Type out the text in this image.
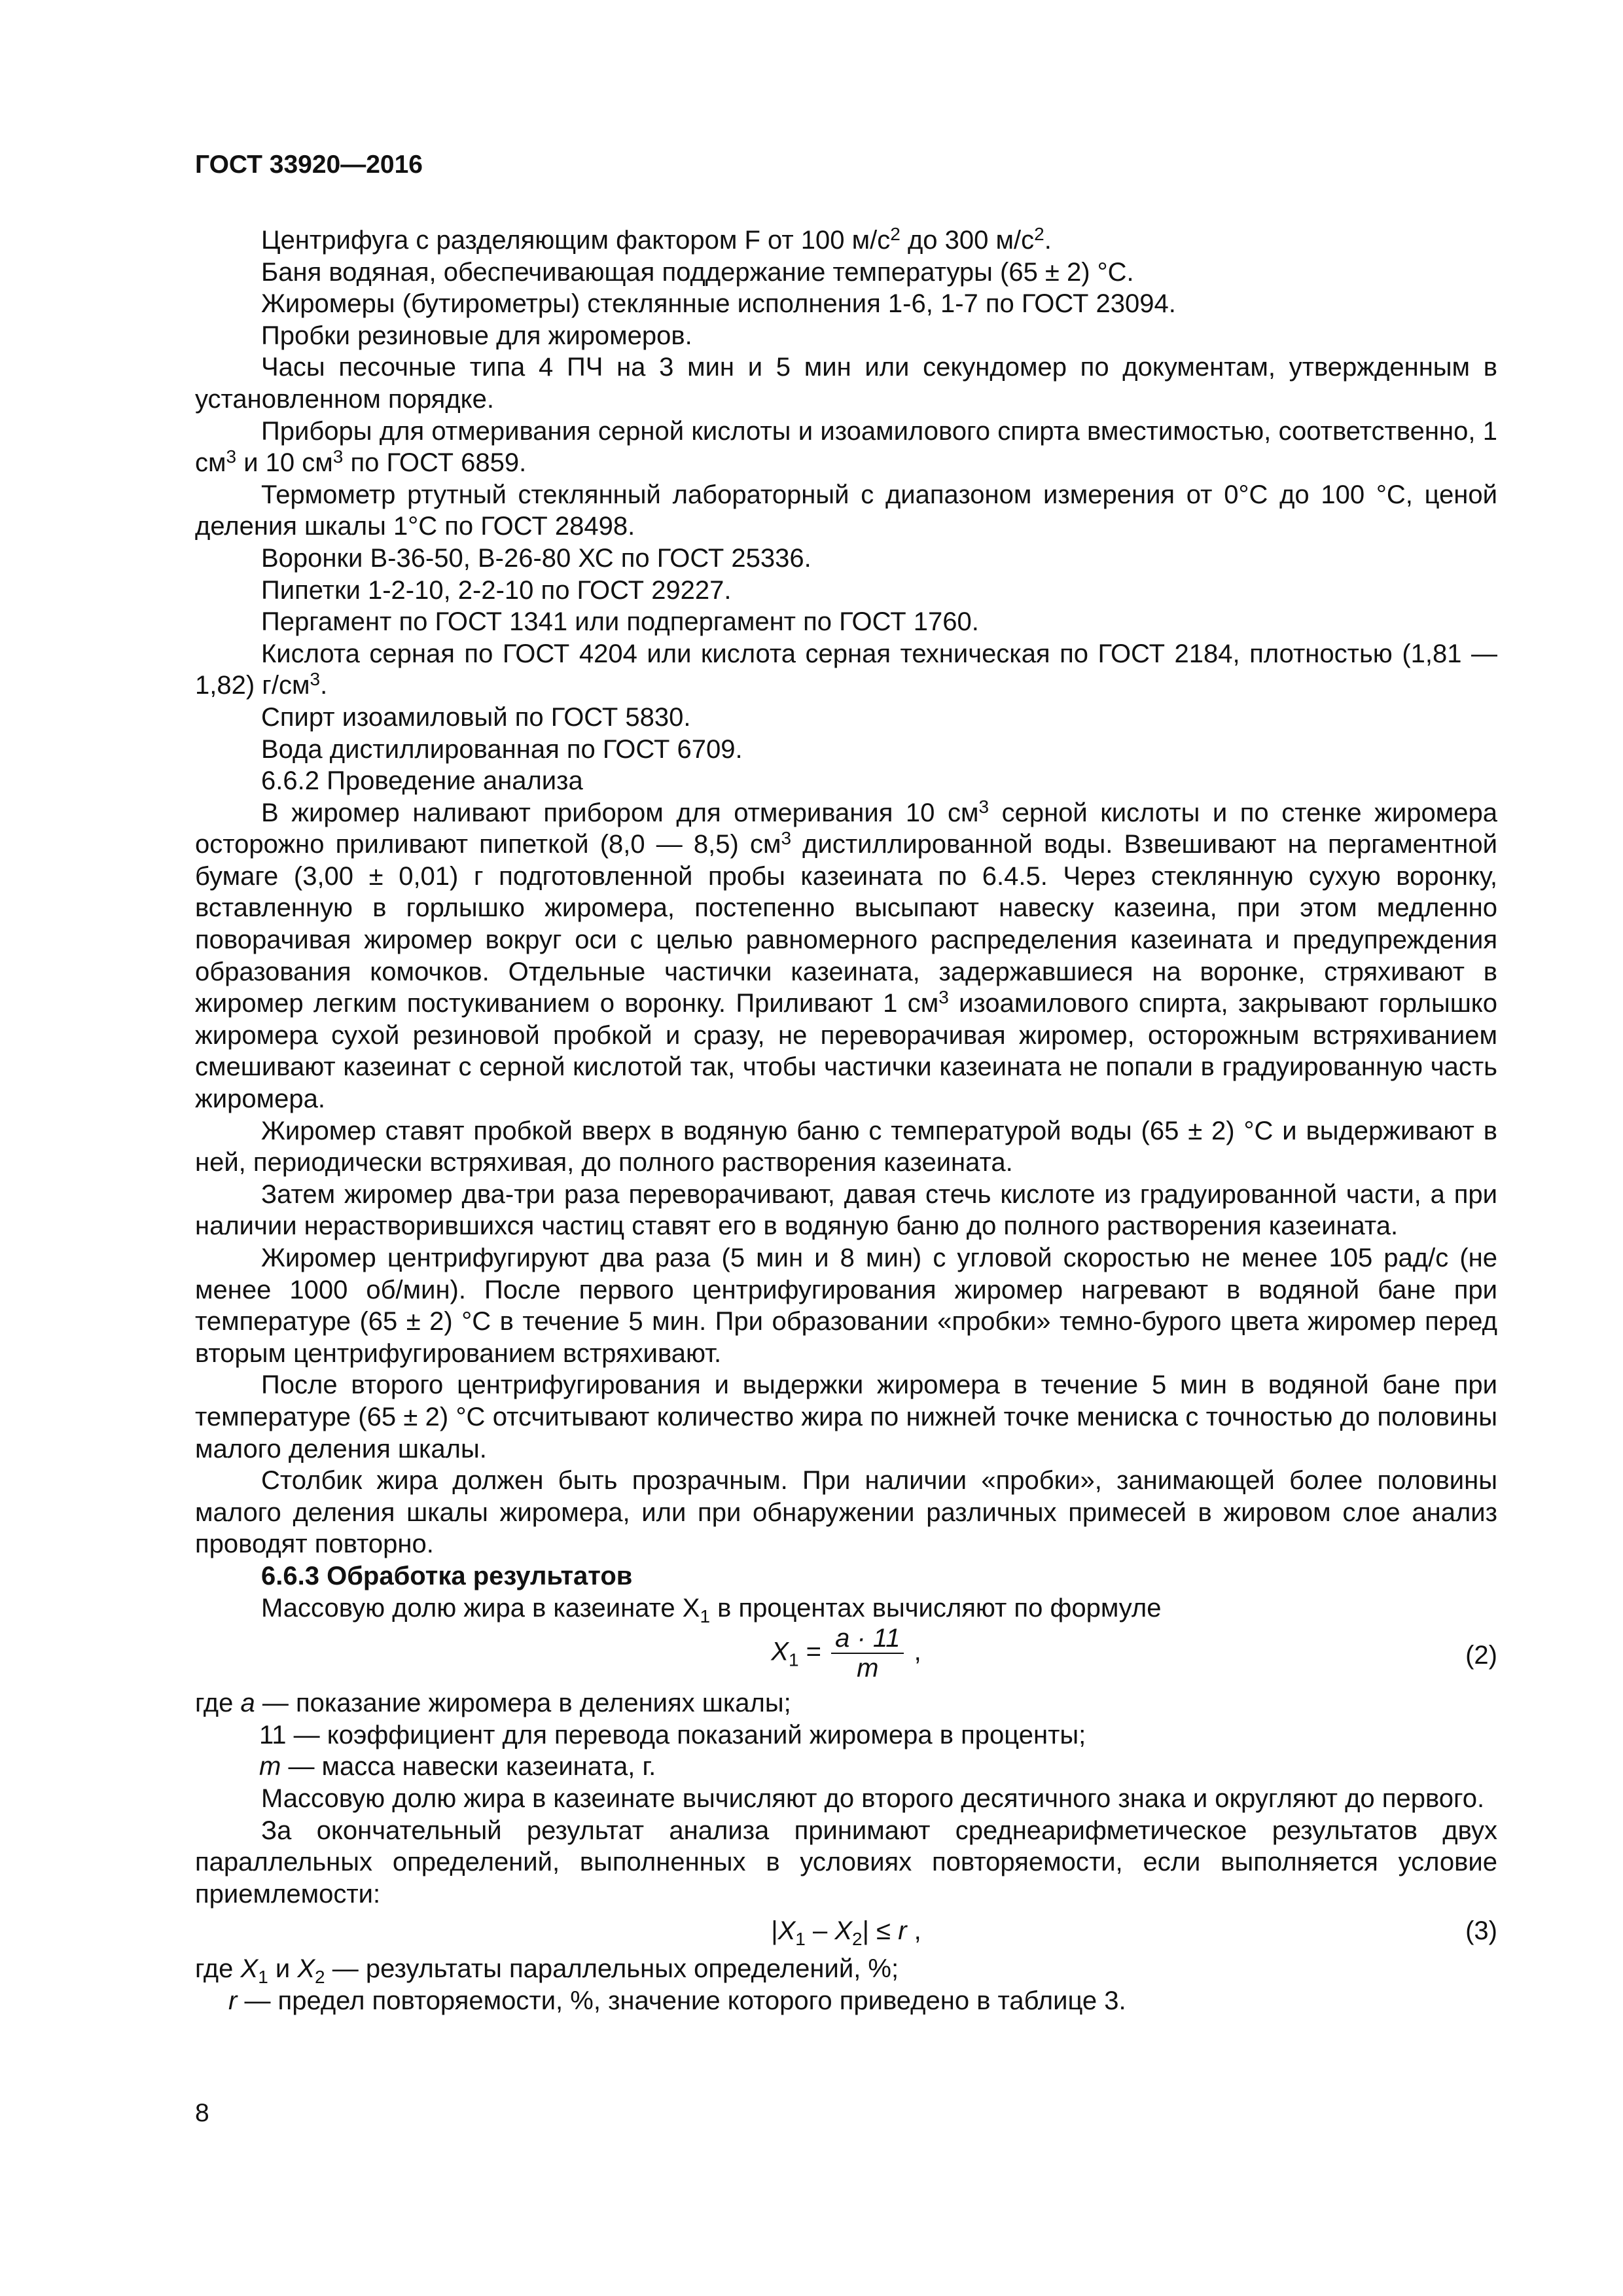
ГОСТ 33920—2016

Центрифуга с разделяющим фактором F от 100 $м/с^2$ до 300 $м/с^2$.

Баня водяная, обеспечивающая поддержание температуры (65 ± 2) °С.

Жиромеры (бутирометры) стеклянные исполнения 1-6, 1-7 по ГОСТ 23094.

Пробки резиновые для жиромеров.

Часы песочные типа 4 ПЧ на 3 мин и 5 мин или секундомер по документам, утвержденным в установленном порядке.

Приборы для отмеривания серной кислоты и изоамилового спирта вместимостью, соответственно, 1 $см^3$ и 10 $см^3$ по ГОСТ 6859.

Термометр ртутный стеклянный лабораторный с диапазоном измерения от 0°С до 100 °С, ценой деления шкалы 1°С по ГОСТ 28498.

Воронки В-36-50, В-26-80 ХС по ГОСТ 25336.

Пипетки 1-2-10, 2-2-10 по ГОСТ 29227.

Пергамент по ГОСТ 1341 или подпергамент по ГОСТ 1760.

Кислота серная по ГОСТ 4204 или кислота серная техническая по ГОСТ 2184, плотностью (1,81 — 1,82) $г/см^3$.

Спирт изоамиловый по ГОСТ 5830.

Вода дистиллированная по ГОСТ 6709.

6.6.2 Проведение анализа

В жиромер наливают прибором для отмеривания 10 $см^3$ серной кислоты и по стенке жиромера осторожно приливают пипеткой (8,0 — 8,5) $см^3$ дистиллированной воды. Взвешивают на пергаментной бумаге (3,00 ± 0,01) г подготовленной пробы казеината по 6.4.5. Через стеклянную сухую воронку, вставленную в горлышко жиромера, постепенно высыпают навеску казеина, при этом медленно поворачивая жиромер вокруг оси с целью равномерного распределения казеината и предупреждения образования комочков. Отдельные частички казеината, задержавшиеся на воронке, стряхивают в жиромер легким постукиванием о воронку. Приливают 1 $см^3$ изоамилового спирта, закрывают горлышко жиромера сухой резиновой пробкой и сразу, не переворачивая жиромер, осторожным встряхиванием смешивают казеинат с серной кислотой так, чтобы частички казеината не попали в градуированную часть жиромера.

Жиромер ставят пробкой вверх в водяную баню с температурой воды (65 ± 2) °С и выдерживают в ней, периодически встряхивая, до полного растворения казеината.

Затем жиромер два-три раза переворачивают, давая стечь кислоте из градуированной части, а при наличии нерастворившихся частиц ставят его в водяную баню до полного растворения казеината.

Жиромер центрифугируют два раза (5 мин и 8 мин) с угловой скоростью не менее 105 рад/с (не менее 1000 об/мин). После первого центрифугирования жиромер нагревают в водяной бане при температуре (65 ± 2) °С в течение 5 мин. При образовании «пробки» темно-бурого цвета жиромер перед вторым центрифугированием встряхивают.

После второго центрифугирования и выдержки жиромера в течение 5 мин в водяной бане при температуре (65 ± 2) °С отсчитывают количество жира по нижней точке мениска с точностью до половины малого деления шкалы.

Столбик жира должен быть прозрачным. При наличии «пробки», занимающей более половины малого деления шкалы жиромера, или при обнаружении различных примесей в жировом слое анализ проводят повторно.

6.6.3 Обработка результатов

Массовую долю жира в казеинате $Х_1$ в процентах вычисляют по формуле

$X_1 = \frac{a \cdot 11}{m}$ ,	(2)

где a — показание жиромера в делениях шкалы;

11 — коэффициент для перевода показаний жиромера в проценты;

m — масса навески казеината, г.

Массовую долю жира в казеинате вычисляют до второго десятичного знака и округляют до первого.

За окончательный результат анализа принимают среднеарифметическое результатов двух параллельных определений, выполненных в условиях повторяемости, если выполняется условие приемлемости:

$|X_1 - X_2| \le r$ ,	(3)

где $X_1$ и $X_2$ — результаты параллельных определений, %;

r — предел повторяемости, %, значение которого приведено в таблице 3.

8
